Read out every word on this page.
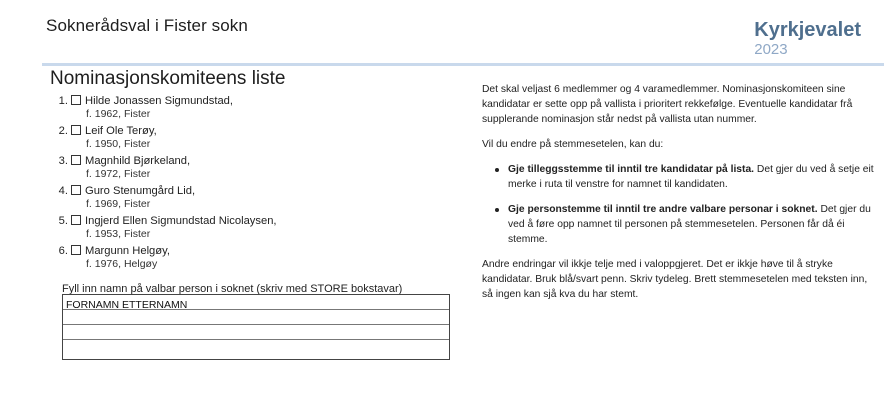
Soknerådsval i Fister sokn	Kyrkjevalet
2023
Nominasjonskomiteens liste
1. Hilde Jonassen Sigmundstad,
f. 1962, Fister
2. Leif Ole Terøy,
f. 1950, Fister
3. Magnhild Bjørkeland,
f. 1972, Fister
4. Guro Stenumgård Lid,
f. 1969, Fister
5. Ingjerd Ellen Sigmundstad Nicolaysen,
f. 1953, Fister
6. Margunn Helgøy,
f. 1976, Helgøy
Fyll inn namn på valbar person i soknet (skriv med STORE bokstavar)
FORNAMN ETTERNAMN

Det skal veljast 6 medlemmer og 4 varamedlemmer. Nominasjonskomiteen sine kandidatar er sette opp på vallista i prioritert rekkefølge. Eventuelle kandidatar frå supplerande nominasjon står nedst på vallista utan nummer.

Vil du endre på stemmesetelen, kan du:

Gje tilleggsstemme til inntil tre kandidatar på lista. Det gjer du ved å setje eit merke i ruta til venstre for namnet til kandidaten.
Gje personstemme til inntil tre andre valbare personar i soknet. Det gjer du ved å føre opp namnet til personen på stemmesetelen. Personen får då éi stemme.

Andre endringar vil ikkje telje med i valoppgjeret. Det er ikkje høve til å stryke kandidatar. Bruk blå/svart penn. Skriv tydeleg. Brett stemmesetelen med teksten inn, så ingen kan sjå kva du har stemt.
